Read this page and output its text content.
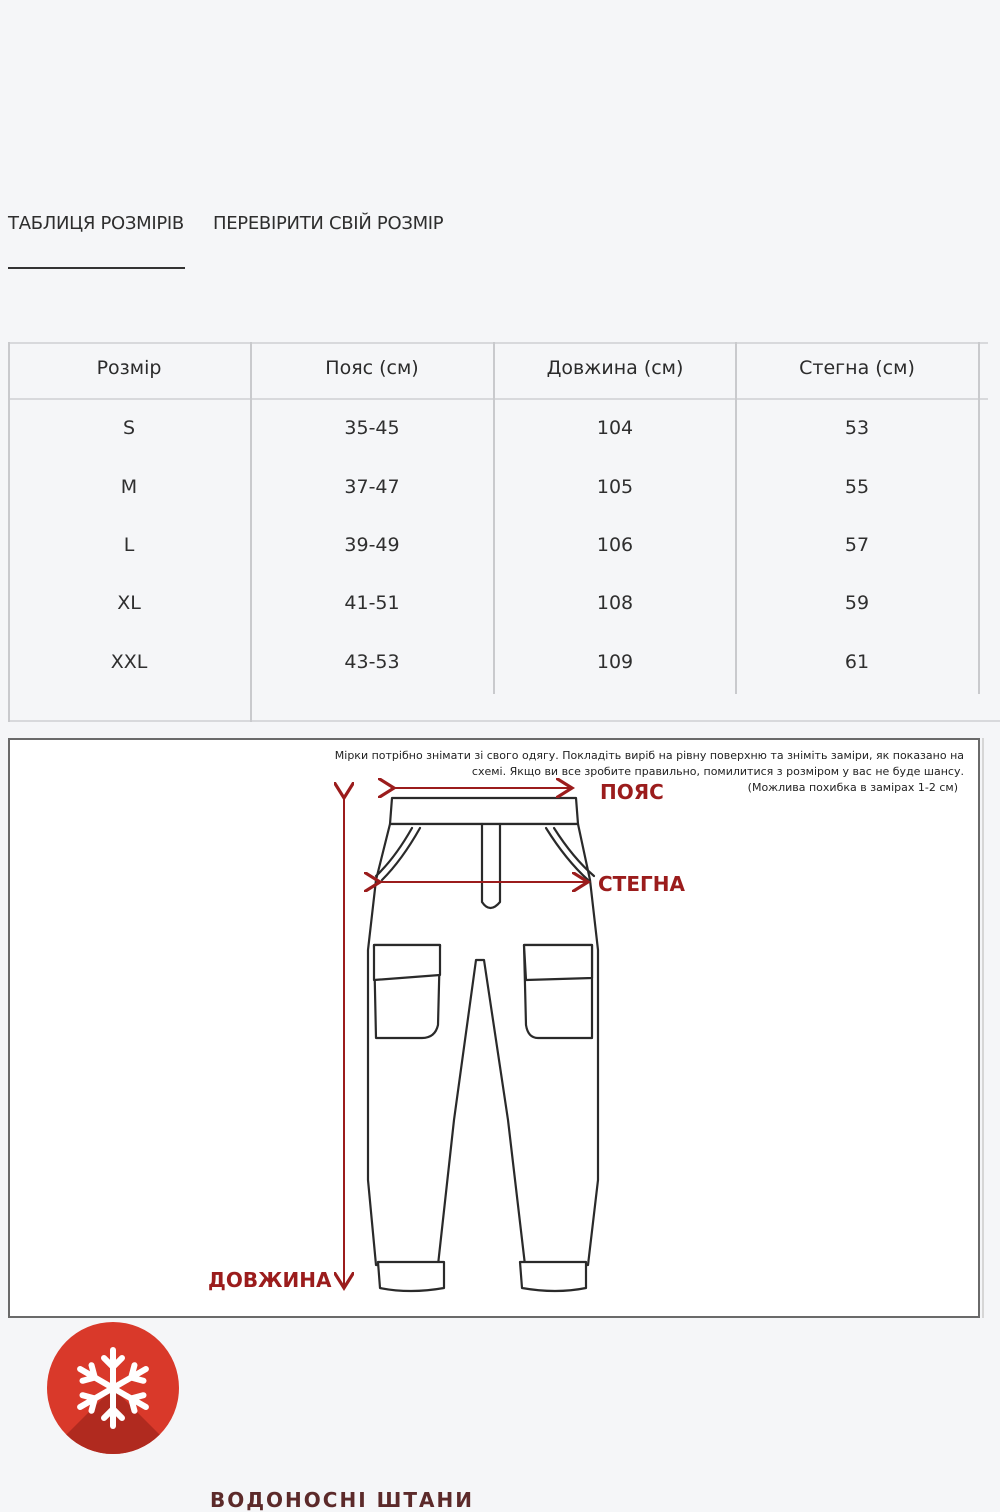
ТАБЛИЦЯ РОЗМІРІВ ПЕРЕВІРИТИ СВІЙ РОЗМІР
Розмір	Пояс (см)	Довжина (см)	Стегна (см)
S	35-45	104	53
M	37-47	105	55
L	39-49	106	57
XL	41-51	108	59
XXL	43-53	109	61
Мірки потрібно знімати зі свого одягу. Покладіть виріб на рівну поверхню та зніміть заміри, як показано на
схемі. Якщо ви все зробите правильно, помилитися з розміром у вас не буде шансу.

(Можлива похибка в замірах 1-2 см)
ПОЯС
СТЕГНА
ДОВЖИНА
ВОДОНОСНІ ШТАНИ
